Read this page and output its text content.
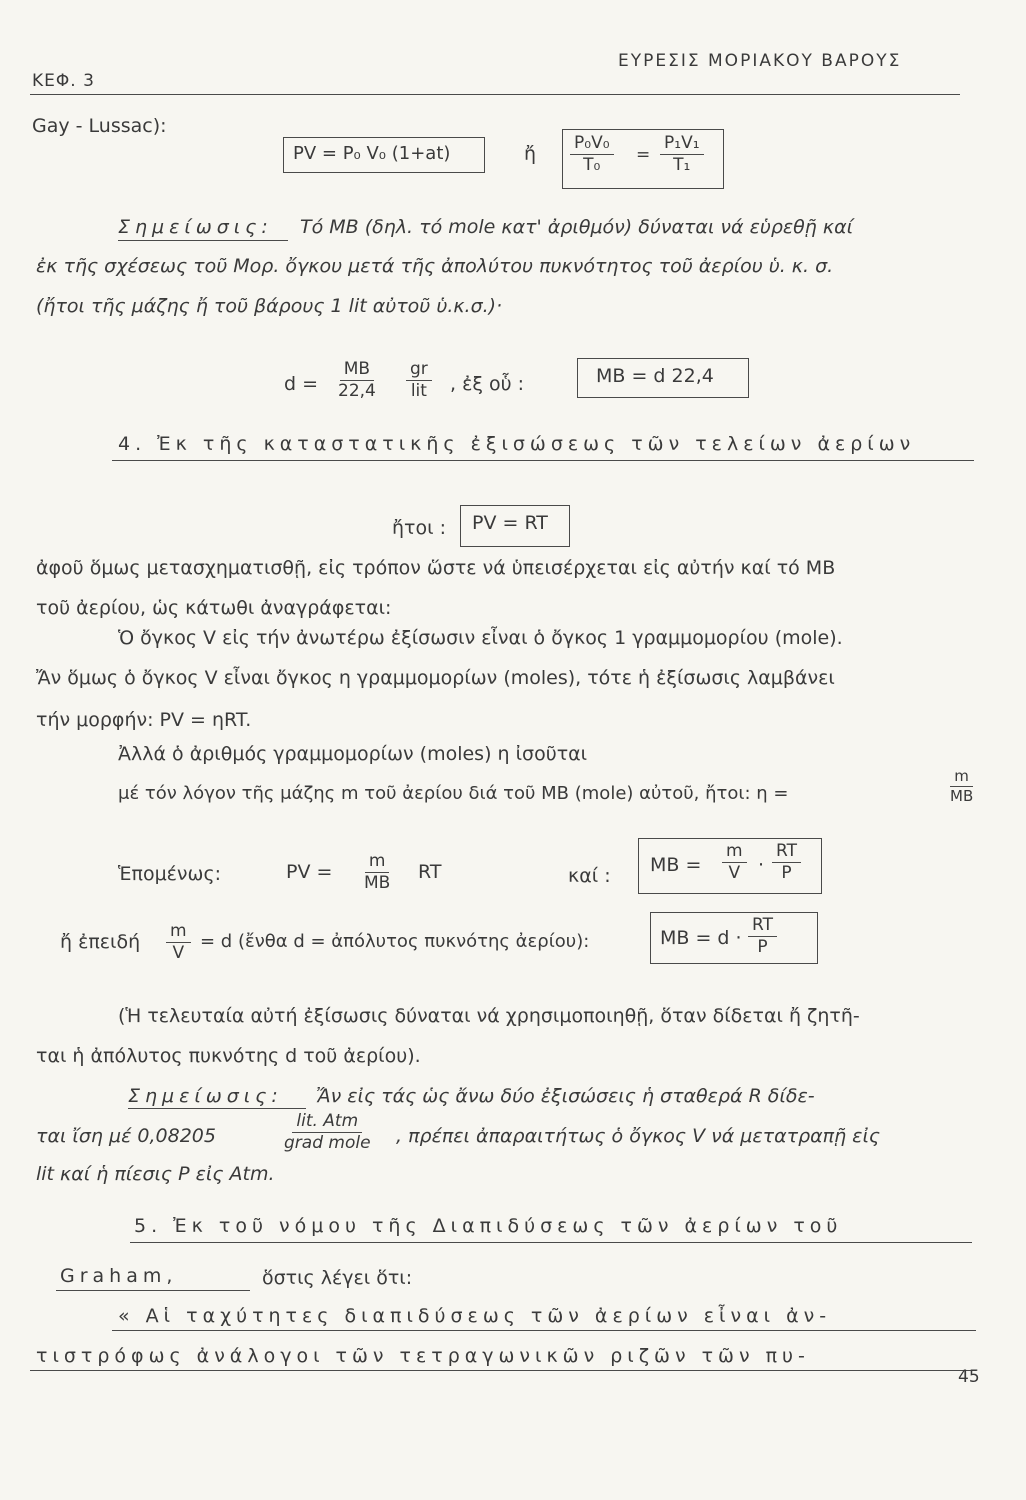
ΚΕΦ. 3
ΕΥΡΕΣΙΣ ΜΟΡΙΑΚΟΥ ΒΑΡΟΥΣ
Gay - Lussac):
PV = P₀ V₀ (1+at)	ἤ $\frac{\text{P₀V₀}}{\text{T₀}} = \frac{\text{P₁V₁}}{\text{T₁}}$
Σημείωσις: Τό ΜΒ (δηλ. τό mole κατ' ἀριθμόν) δύναται νά εὑρεθῇ καί
ἐκ τῆς σχέσεως τοῦ Μορ. ὄγκου μετά τῆς ἀπολύτου πυκνότητος τοῦ ἀερίου ὑ. κ. σ.
(ἤτοι τῆς μάζης ἤ τοῦ βάρους 1 lit αὐτοῦ ὑ.κ.σ.)·
$d = \frac{MB}{22,4}$ gr
lit , ἐξ οὗ :	ΜΒ = d 22,4
4. Ἐκ τῆς καταστατικῆς ἐξισώσεως τῶν τελείων ἀερίων
ἤτοι : PV = RT
ἀφοῦ ὅμως μετασχηματισθῇ, εἰς τρόπον ὥστε νά ὑπεισέρχεται εἰς αὐτήν καί τό ΜΒ
τοῦ ἀερίου, ὡς κάτωθι ἀναγράφεται:
Ὁ ὄγκος V εἰς τήν ἀνωτέρω ἐξίσωσιν εἶναι ὁ ὄγκος 1 γραμμομορίου (mole).
Ἄν ὅμως ὁ ὄγκος V εἶναι ὄγκος η γραμμομορίων (moles), τότε ἡ ἐξίσωσις λαμβάνει
τήν μορφήν: PV = ηRT.
Ἀλλά ὁ ἀριθμός γραμμομορίων (moles) η ἰσοῦται
μέ τόν λόγον τῆς μάζης m τοῦ ἀερίου διά τοῦ ΜΒ (mole) αὐτοῦ, ἤτοι: η =	$\frac{m}{MB}$
Ἑπομένως:	PV = $\frac{m}{MB}$ RT	καί : $MB = \frac{m}{V} \cdot \frac{RT}{P}$
ἤ ἐπειδή $\frac{m}{V} = d$ (ἔνθα d = ἀπόλυτος πυκνότης ἀερίου):	$MB = d \cdot \frac{RT}{P}$
(Ἡ τελευταία αὐτή ἐξίσωσις δύναται νά χρησιμοποιηθῇ, ὅταν δίδεται ἤ ζητῆ-
ται ἡ ἀπόλυτος πυκνότης d τοῦ ἀερίου).
Σημείωσις: Ἄν εἰς τάς ὡς ἄνω δύο ἐξισώσεις ἡ σταθερά R δίδε-
ται ἴση μέ 0,08205
lit. Atm
grad mole , πρέπει ἀπαραιτήτως ὁ ὄγκος V νά μετατραπῇ εἰς
lit καί ἡ πίεσις P εἰς Atm.
5. Ἐκ τοῦ νόμου τῆς Διαπιδύσεως τῶν ἀερίων τοῦ
Graham,	ὅστις λέγει ὅτι:
« Αἱ ταχύτητες διαπιδύσεως τῶν ἀερίων εἶναι ἀν-
τιστρόφως ἀνάλογοι τῶν τετραγωνικῶν ριζῶν τῶν πυ-
45
